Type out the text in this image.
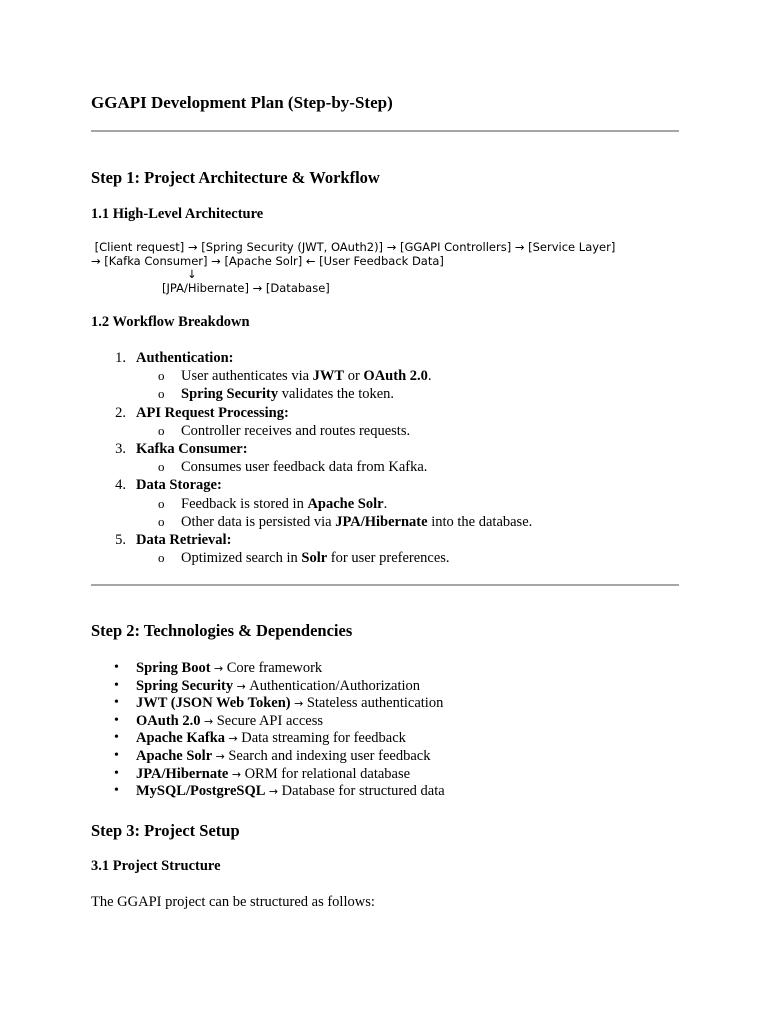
GGAPI Development Plan (Step-by-Step)
Step 1: Project Architecture & Workflow
1.1 High-Level Architecture
[Client request] → [Spring Security (JWT, OAuth2)] → [GGAPI Controllers] → [Service Layer]
→ [Kafka Consumer] → [Apache Solr] ← [User Feedback Data]
↓
[JPA/Hibernate] → [Database]
1.2 Workflow Breakdown
1. Authentication:
o User authenticates via JWT or OAuth 2.0.
o Spring Security validates the token.
2. API Request Processing:
o Controller receives and routes requests.
3. Kafka Consumer:
o Consumes user feedback data from Kafka.
4. Data Storage:
o Feedback is stored in Apache Solr.
o Other data is persisted via JPA/Hibernate into the database.
5. Data Retrieval:
o Optimized search in Solr for user preferences.
Step 2: Technologies & Dependencies
• Spring Boot → Core framework
• Spring Security → Authentication/Authorization
• JWT (JSON Web Token) → Stateless authentication
• OAuth 2.0 → Secure API access
• Apache Kafka → Data streaming for feedback
• Apache Solr → Search and indexing user feedback
• JPA/Hibernate → ORM for relational database
• MySQL/PostgreSQL → Database for structured data
Step 3: Project Setup
3.1 Project Structure
The GGAPI project can be structured as follows:
